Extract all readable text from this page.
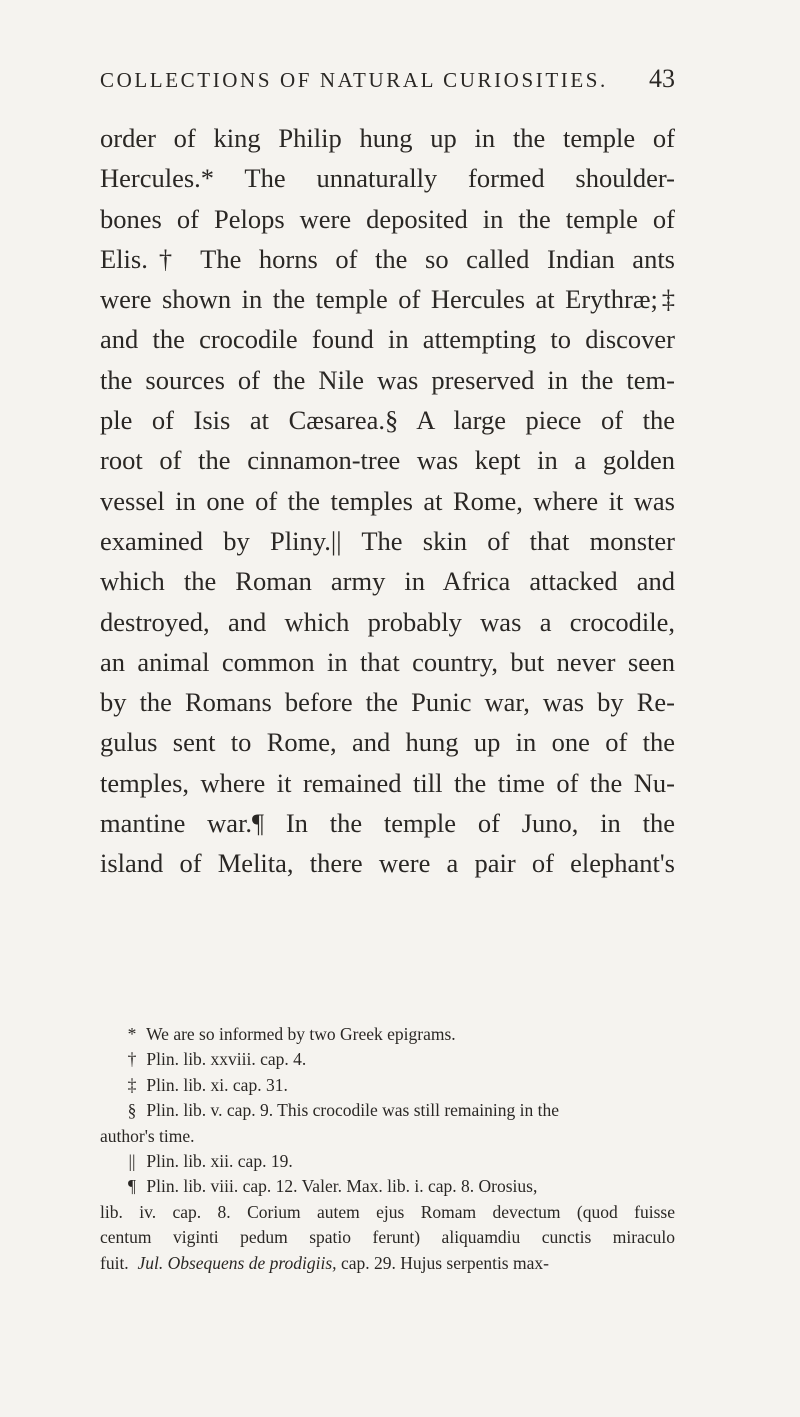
COLLECTIONS OF NATURAL CURIOSITIES. 43
order of king Philip hung up in the temple of
Hercules.* The unnaturally formed shoulder-
bones of Pelops were deposited in the temple of
Elis.† The horns of the so called Indian ants
were shown in the temple of Hercules at Erythræ;‡
and the crocodile found in attempting to discover
the sources of the Nile was preserved in the tem-
ple of Isis at Cæsarea.§ A large piece of the
root of the cinnamon-tree was kept in a golden
vessel in one of the temples at Rome, where it was
examined by Pliny.|| The skin of that monster
which the Roman army in Africa attacked and
destroyed, and which probably was a crocodile,
an animal common in that country, but never seen
by the Romans before the Punic war, was by Re-
gulus sent to Rome, and hung up in one of the
temples, where it remained till the time of the Nu-
mantine war.¶ In the temple of Juno, in the
island of Melita, there were a pair of elephant's
* We are so informed by two Greek epigrams.
† Plin. lib. xxviii. cap. 4.
‡ Plin. lib. xi. cap. 31.
§ Plin. lib. v. cap. 9. This crocodile was still remaining in the
author's time.
|| Plin. lib. xii. cap. 19.
¶ Plin. lib. viii. cap. 12. Valer. Max. lib. i. cap. 8. Orosius,
lib. iv. cap. 8. Corium autem ejus Romam devectum (quod fuisse
centum viginti pedum spatio ferunt) aliquamdiu cunctis miraculo
fuit. Jul. Obsequens de prodigiis, cap. 29. Hujus serpentis max-
